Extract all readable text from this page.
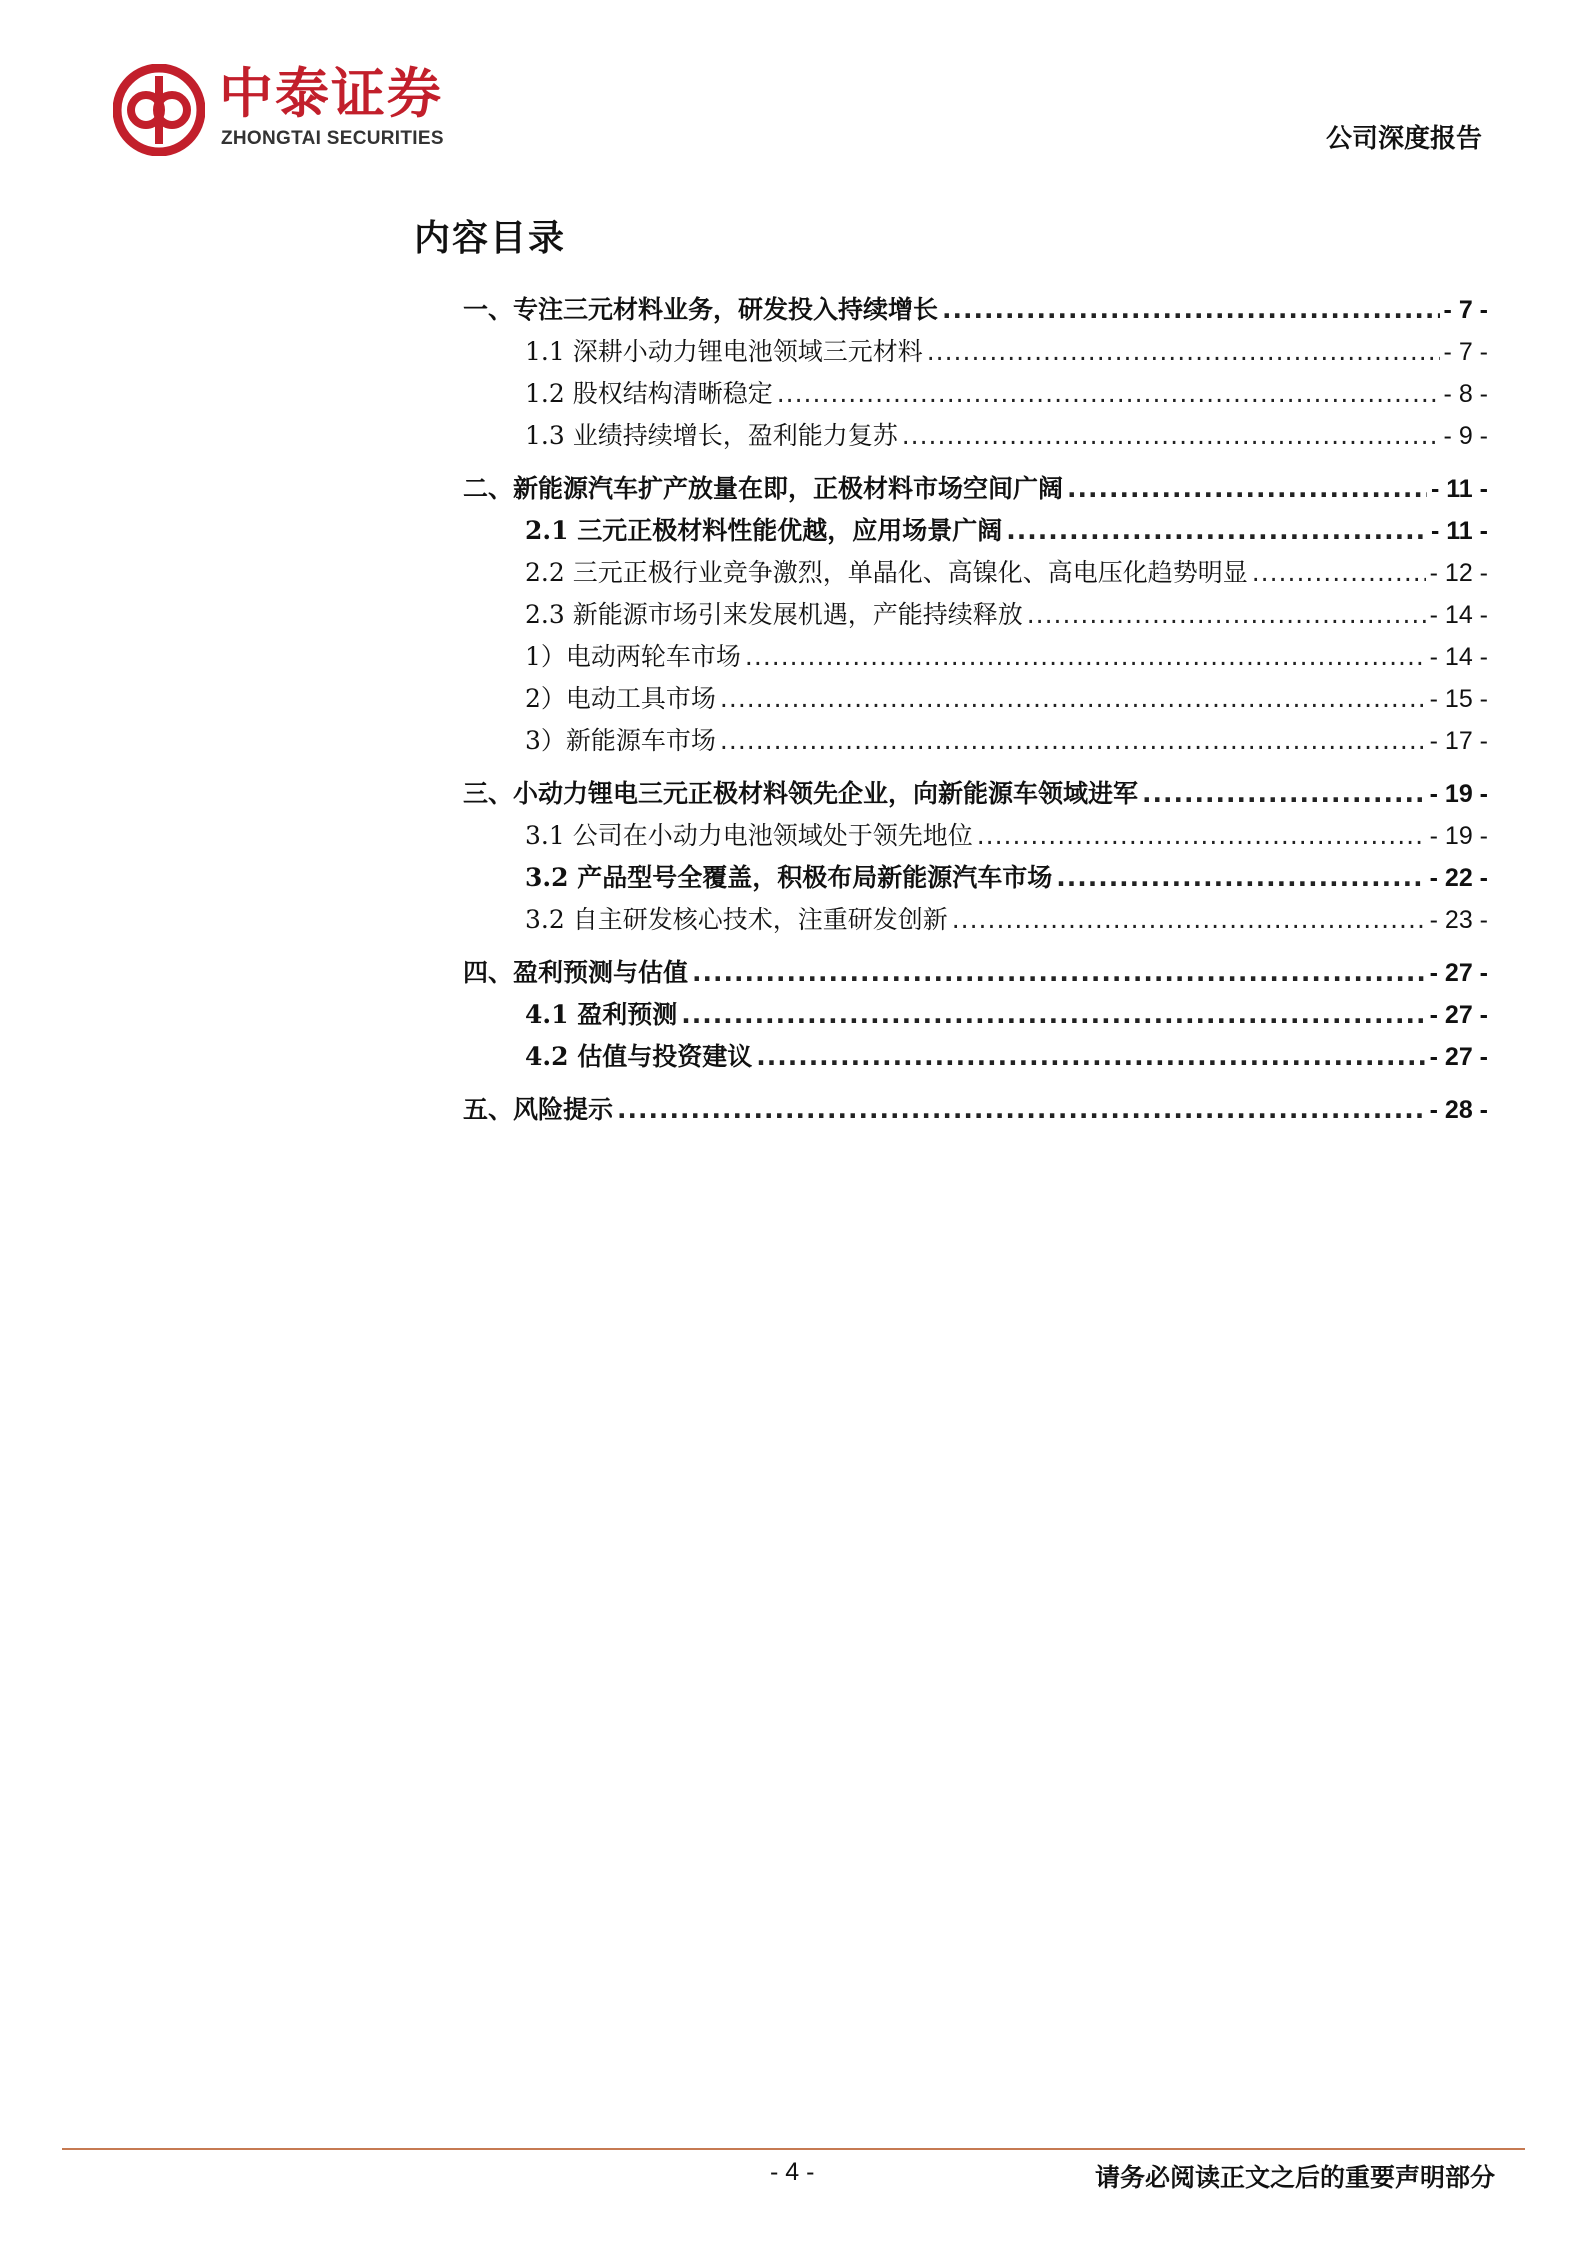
中泰证券
ZHONGTAI SECURITIES	公司深度报告
内容目录
一、专注三元材料业务，研发投入持续增长 .....	- 7 -
1.1 深耕小动力锂电池领域三元材料 .....	- 7 -
1.2 股权结构清晰稳定 .....	- 8 -
1.3 业绩持续增长，盈利能力复苏 .....	- 9 -
二、新能源汽车扩产放量在即，正极材料市场空间广阔 .....	- 11 -
2.1 三元正极材料性能优越，应用场景广阔 .....	- 11 -
2.2 三元正极行业竞争激烈，单晶化、高镍化、高电压化趋势明显 .....	- 12 -
2.3 新能源市场引来发展机遇，产能持续释放 .....	- 14 -
1）电动两轮车市场 .....	- 14 -
2）电动工具市场 .....	- 15 -
3）新能源车市场 .....	- 17 -
三、小动力锂电三元正极材料领先企业，向新能源车领域进军 .....	- 19 -
3.1 公司在小动力电池领域处于领先地位 .....	- 19 -
3.2 产品型号全覆盖，积极布局新能源汽车市场 .....	- 22 -
3.2 自主研发核心技术，注重研发创新 .....	- 23 -
四、盈利预测与估值 .....	- 27 -
4.1 盈利预测 .....	- 27 -
4.2 估值与投资建议 .....	- 27 -
五、风险提示 .....	- 28 -
- 4 -	请务必阅读正文之后的重要声明部分
